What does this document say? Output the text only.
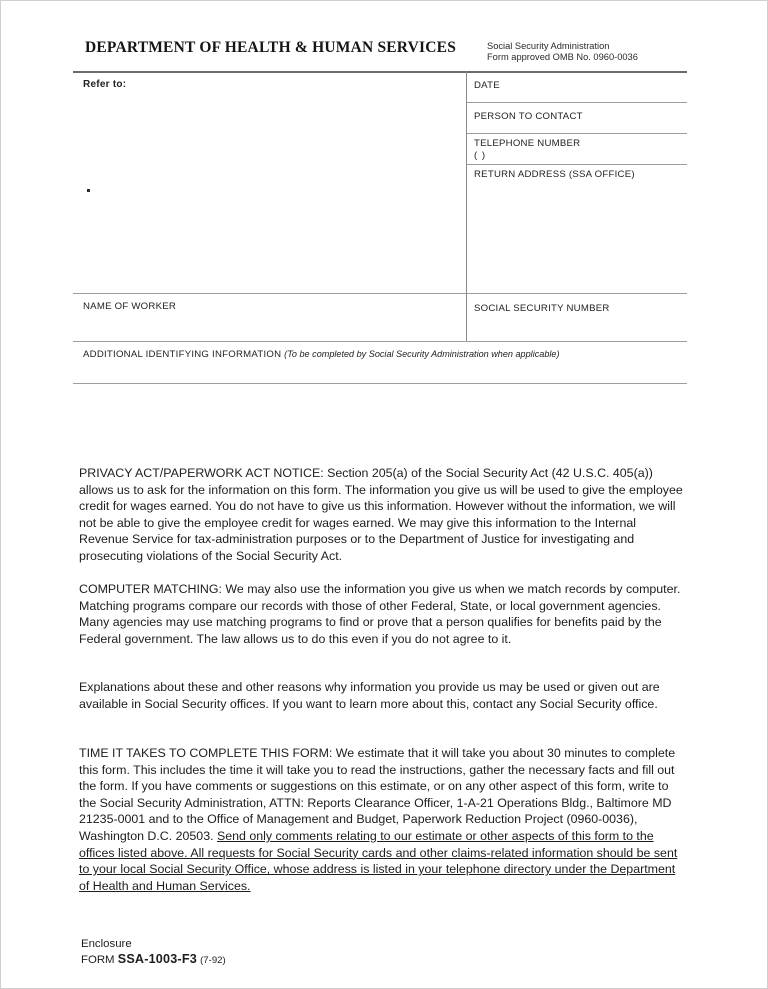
DEPARTMENT OF HEALTH & HUMAN SERVICES	Social Security Administration
Form approved OMB No. 0960-0036
Refer to:
NAME OF WORKER
DATE
PERSON TO CONTACT
TELEPHONE NUMBER
( )
RETURN ADDRESS (SSA OFFICE)
SOCIAL SECURITY NUMBER
ADDITIONAL IDENTIFYING INFORMATION (To be completed by Social Security Administration when applicable)
PRIVACY ACT/PAPERWORK ACT NOTICE: Section 205(a) of the Social Security Act (42 U.S.C. 405(a)) allows us to ask for the information on this form. The information you give us will be used to give the employee credit for wages earned. You do not have to give us this information. However without the information, we will not be able to give the employee credit for wages earned. We may give this information to the Internal Revenue Service for tax-administration purposes or to the Department of Justice for investigating and prosecuting violations of the Social Security Act.
COMPUTER MATCHING: We may also use the information you give us when we match records by computer. Matching programs compare our records with those of other Federal, State, or local government agencies. Many agencies may use matching programs to find or prove that a person qualifies for benefits paid by the Federal government. The law allows us to do this even if you do not agree to it.
Explanations about these and other reasons why information you provide us may be used or given out are available in Social Security offices. If you want to learn more about this, contact any Social Security office.
TIME IT TAKES TO COMPLETE THIS FORM: We estimate that it will take you about 30 minutes to complete this form. This includes the time it will take you to read the instructions, gather the necessary facts and fill out the form. If you have comments or suggestions on this estimate, or on any other aspect of this form, write to the Social Security Administration, ATTN: Reports Clearance Officer, 1-A-21 Operations Bldg., Baltimore MD 21235-0001 and to the Office of Management and Budget, Paperwork Reduction Project (0960-0036), Washington D.C. 20503. Send only comments relating to our estimate or other aspects of this form to the offices listed above. All requests for Social Security cards and other claims-related information should be sent to your local Social Security Office, whose address is listed in your telephone directory under the Department of Health and Human Services.
Enclosure
FORM SSA-1003-F3 (7-92)
